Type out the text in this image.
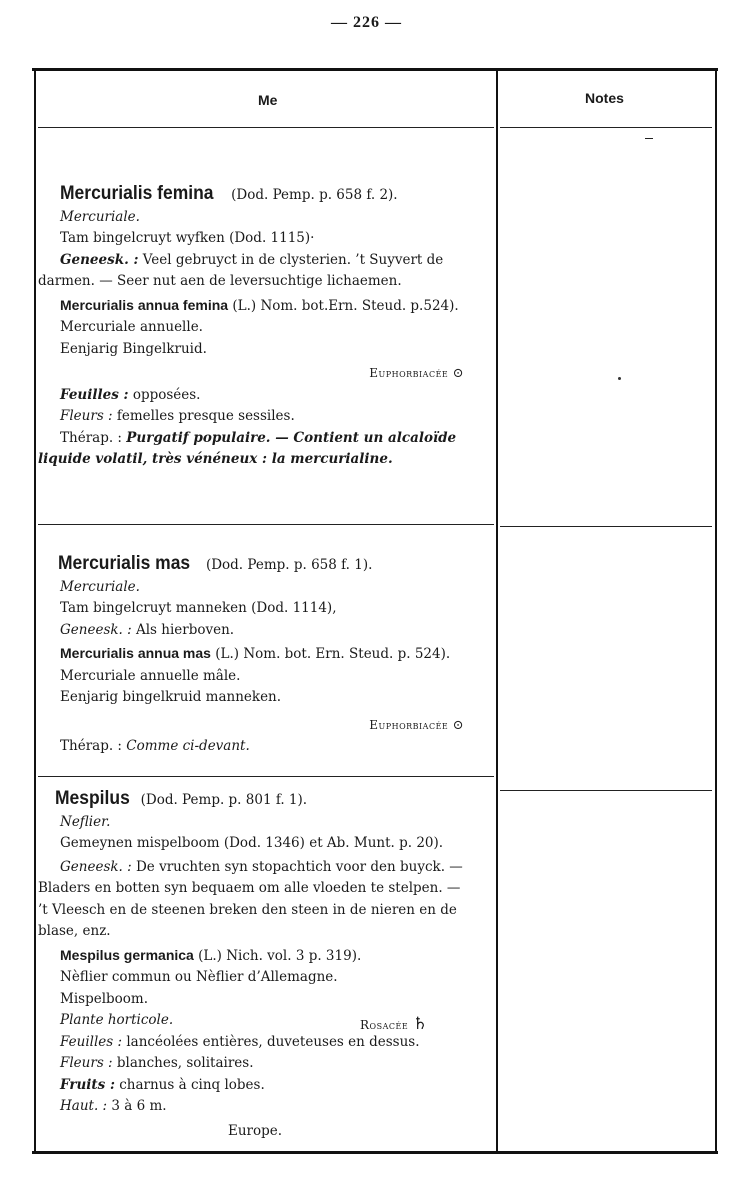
— 226 —
Me	Notes
Mercurialis femina (Dod. Pemp. p. 658 f. 2).
Mercuriale.
Tam bingelcruyt wyfken (Dod. 1115)·
Geneesk. : Veel gebruyct in de clysterien. ’t Suyvert de
darmen. — Seer nut aen de leversuchtige lichaemen.
Mercurialis annua femina (L.) Nom. bot.Ern. Steud. p.524).
Mercuriale annuelle.
Eenjarig Bingelkruid.
Euphorbiacée ⊙
Feuilles : opposées.
Fleurs : femelles presque sessiles.
Thérap. : Purgatif populaire. — Contient un alcaloïde
liquide volatil, très vénéneux : la mercurialine.
Mercurialis mas (Dod. Pemp. p. 658 f. 1).
Mercuriale.
Tam bingelcruyt manneken (Dod. 1114),
Geneesk. : Als hierboven.
Mercurialis annua mas (L.) Nom. bot. Ern. Steud. p. 524).
Mercuriale annuelle mâle.
Eenjarig bingelkruid manneken.
Euphorbiacée ⊙
Thérap. : Comme ci-devant.
Mespilus (Dod. Pemp. p. 801 f. 1).
Neflier.
Gemeynen mispelboom (Dod. 1346) et Ab. Munt. p. 20).
Geneesk. : De vruchten syn stopachtich voor den buyck. —
Bladers en botten syn bequaem om alle vloeden te stelpen. —
’t Vleesch en de steenen breken den steen in de nieren en de
blase, enz.
Mespilus germanica (L.) Nich. vol. 3 p. 319).
Nèflier commun ou Nèflier d’Allemagne.
Mispelboom.
Plante horticole.	Rosacée ♄
Feuilles : lancéolées entières, duveteuses en dessus.
Fleurs : blanches, solitaires.
Fruits : charnus à cinq lobes.
Haut. : 3 à 6 m.
Europe.
